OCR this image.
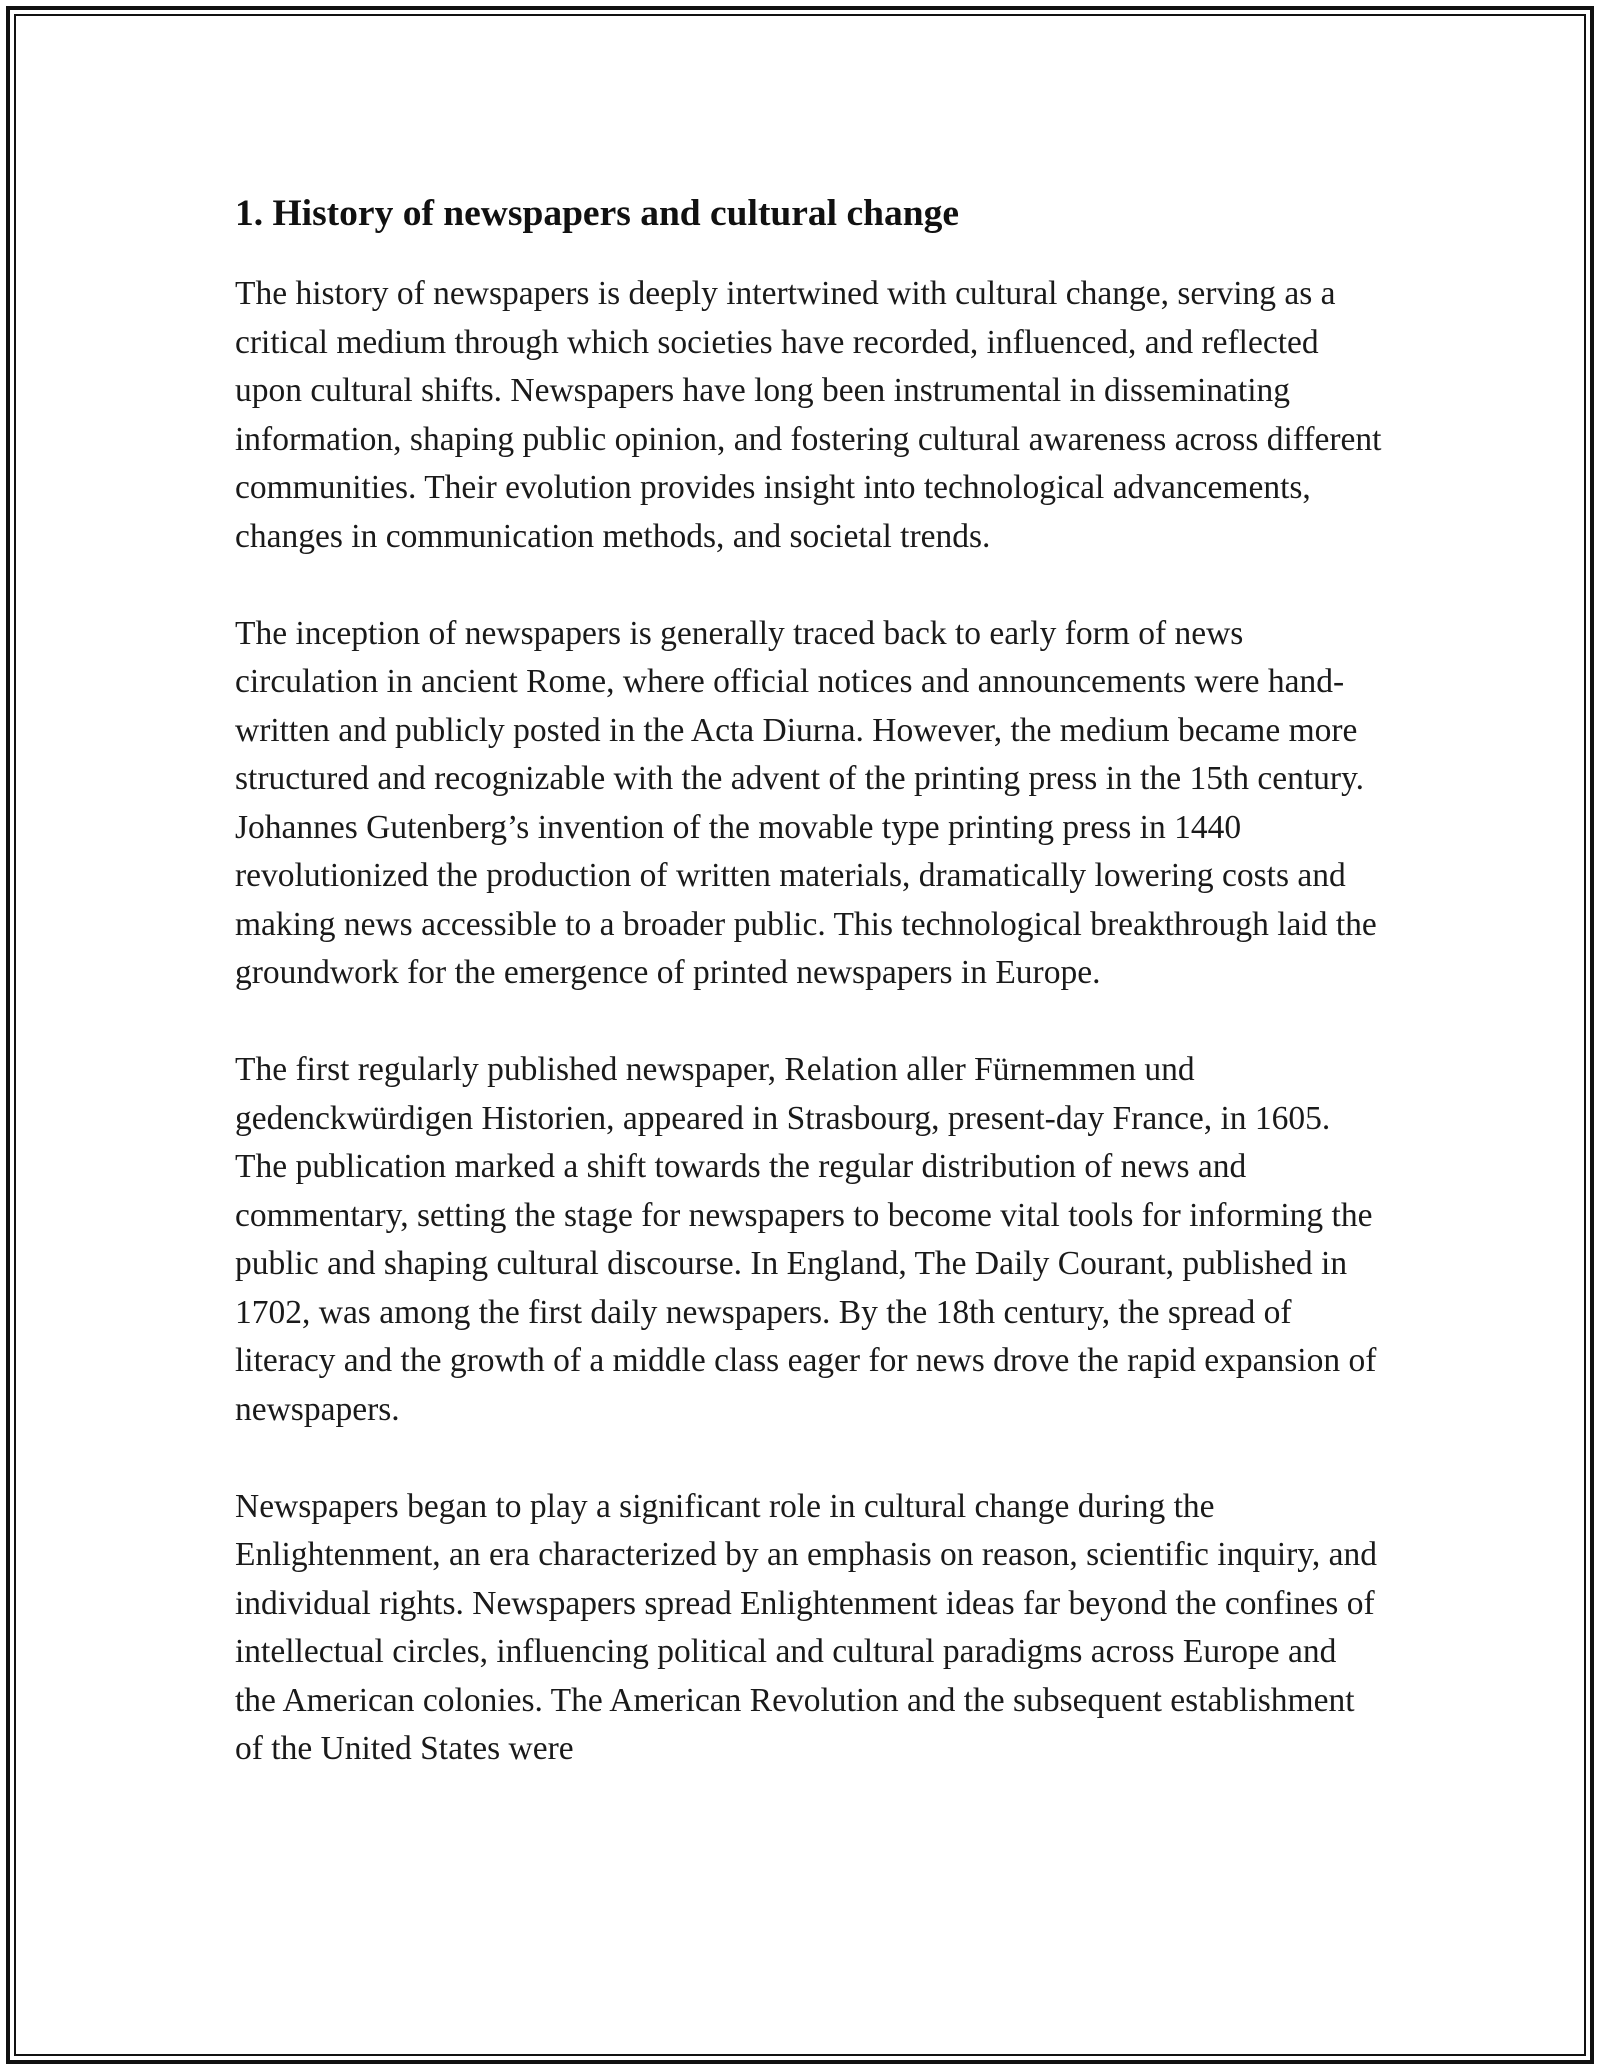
1. History of newspapers and cultural change

The history of newspapers is deeply intertwined with cultural change, serving as a critical medium through which societies have recorded, influenced, and reflected upon cultural shifts. Newspapers have long been instrumental in disseminating information, shaping public opinion, and fostering cultural awareness across different communities. Their evolution provides insight into technological advancements, changes in communication methods, and societal trends.

The inception of newspapers is generally traced back to early form of news circulation in ancient Rome, where official notices and announcements were hand-written and publicly posted in the Acta Diurna. However, the medium became more structured and recognizable with the advent of the printing press in the 15th century. Johannes Gutenberg’s invention of the movable type printing press in 1440 revolutionized the production of written materials, dramatically lowering costs and making news accessible to a broader public. This technological breakthrough laid the groundwork for the emergence of printed newspapers in Europe.

The first regularly published newspaper, Relation aller Fürnemmen und gedenckwürdigen Historien, appeared in Strasbourg, present-day France, in 1605. The publication marked a shift towards the regular distribution of news and commentary, setting the stage for newspapers to become vital tools for informing the public and shaping cultural discourse. In England, The Daily Courant, published in 1702, was among the first daily newspapers. By the 18th century, the spread of literacy and the growth of a middle class eager for news drove the rapid expansion of newspapers.

Newspapers began to play a significant role in cultural change during the Enlightenment, an era characterized by an emphasis on reason, scientific inquiry, and individual rights. Newspapers spread Enlightenment ideas far beyond the confines of intellectual circles, influencing political and cultural paradigms across Europe and the American colonies. The American Revolution and the subsequent establishment of the United States were
